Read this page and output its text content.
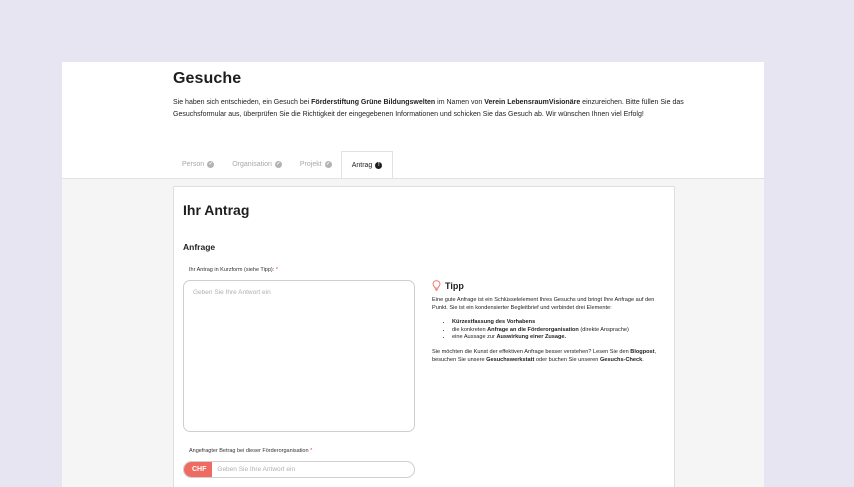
Gesuche
Sie haben sich entschieden, ein Gesuch bei Förderstiftung Grüne Bildungswelten im Namen von Verein LebensraumVisionäre einzureichen. Bitte füllen Sie das Gesuchsformular aus, überprüfen Sie die Richtigkeit der eingegebenen Informationen und schicken Sie das Gesuch ab. Wir wünschen Ihnen viel Erfolg!
Person ✓	Organisation ✓	Projekt ✓	Antrag	!
Ihr Antrag
Anfrage
Ihr Antrag in Kurzform (siehe Tipp): *
Geben Sie Ihre Antwort ein
Angefragter Betrag bei dieser Förderorganisation *
CHF	Geben Sie Ihre Antwort ein
Tipp

Eine gute Anfrage ist ein Schlüsselelement Ihres Gesuchs und bringt Ihre Anfrage auf den Punkt. Sie ist ein kondensierter Begleitbrief und verbindet drei Elemente:

• Kürzestfassung des Vorhabens
• die konkreten Anfrage an die Förderorganisation (direkte Ansprache)
• eine Aussage zur Auswirkung einer Zusage.

Sie möchten die Kunst der effektiven Anfrage besser verstehen? Lesen Sie den Blogpost, besuchen Sie unsere Gesuchswerkstatt oder buchen Sie unseren Gesuchs-Check.
